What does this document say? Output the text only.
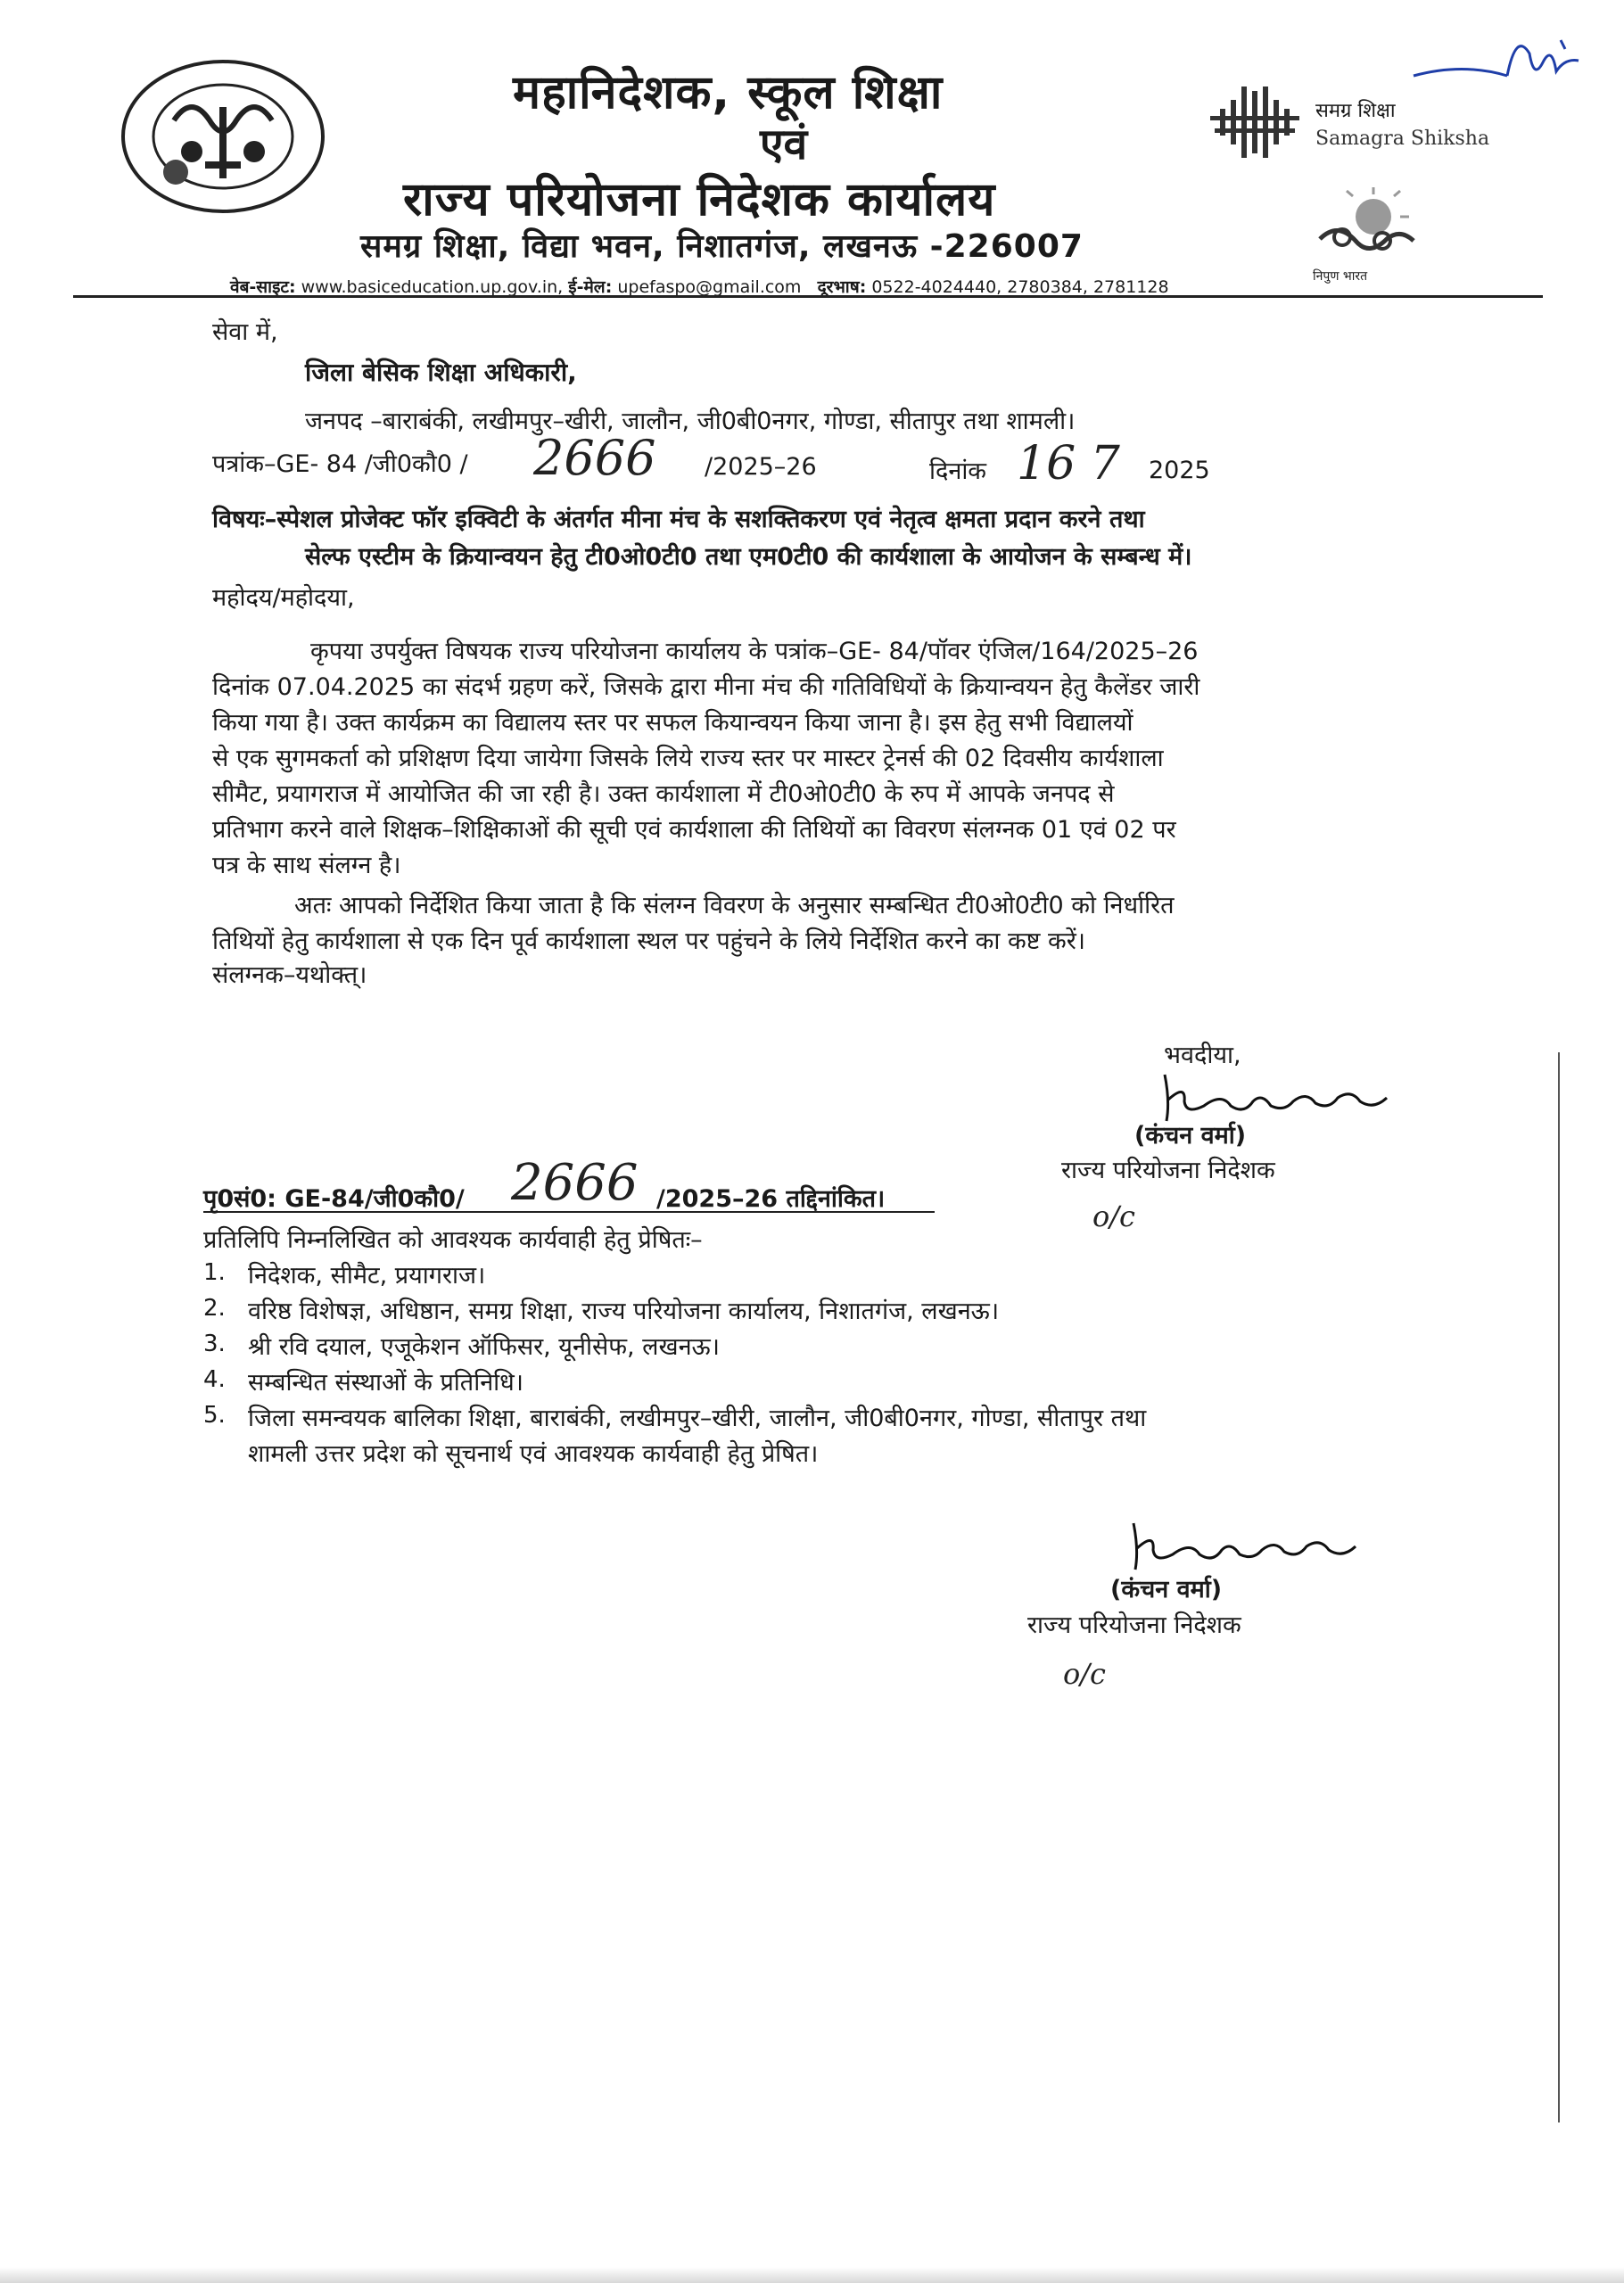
महानिदेशक, स्कूल शिक्षा
एवं
राज्य परियोजना निदेशक कार्यालय
समग्र शिक्षा, विद्या भवन, निशातगंज, लखनऊ -226007
वेब-साइट: www.basiceducation.up.gov.in, ई-मेल: upefaspo@gmail.com दूरभाष: 0522-4024440, 2780384, 2781128
समग्र शिक्षा
Samagra Shiksha
निपुण भारत
सेवा में,
जिला बेसिक शिक्षा अधिकारी,
जनपद –बाराबंकी, लखीमपुर–खीरी, जालौन, जी0बी0नगर, गोण्डा, सीतापुर तथा शामली।
पत्रांक–GE- 84 /जी0कौ0 / 2666 /2025–26	दिनांक 16 7 2025
विषयः–स्पेशल प्रोजेक्ट फॉर इक्विटी के अंतर्गत मीना मंच के सशक्तिकरण एवं नेतृत्व क्षमता प्रदान करने तथा
सेल्फ एस्टीम के क्रियान्वयन हेतु टी0ओ0टी0 तथा एम0टी0 की कार्यशाला के आयोजन के सम्बन्ध में।
महोदय/महोदया,
कृपया उपर्युक्त विषयक राज्य परियोजना कार्यालय के पत्रांक–GE- 84/पॉवर एंजिल/164/2025–26
दिनांक 07.04.2025 का संदर्भ ग्रहण करें, जिसके द्वारा मीना मंच की गतिविधियों के क्रियान्वयन हेतु कैलेंडर जारी
किया गया है। उक्त कार्यक्रम का विद्यालय स्तर पर सफल कियान्वयन किया जाना है। इस हेतु सभी विद्यालयों
से एक सुगमकर्ता को प्रशिक्षण दिया जायेगा जिसके लिये राज्य स्तर पर मास्टर ट्रेनर्स की 02 दिवसीय कार्यशाला
सीमैट, प्रयागराज में आयोजित की जा रही है। उक्त कार्यशाला में टी0ओ0टी0 के रुप में आपके जनपद से
प्रतिभाग करने वाले शिक्षक–शिक्षिकाओं की सूची एवं कार्यशाला की तिथियों का विवरण संलग्नक 01 एवं 02 पर
पत्र के साथ संलग्न है।
अतः आपको निर्देशित किया जाता है कि संलग्न विवरण के अनुसार सम्बन्धित टी0ओ0टी0 को निर्धारित
तिथियों हेतु कार्यशाला से एक दिन पूर्व कार्यशाला स्थल पर पहुंचने के लिये निर्देशित करने का कष्ट करें।
संलग्नक–यथोक्त्।
भवदीया,
(कंचन वर्मा)
राज्य परियोजना निदेशक
o/c
पृ0सं0: GE-84/जी0कौ0/ 2666 /2025–26 तद्दिनांकित।
प्रतिलिपि निम्नलिखित को आवश्यक कार्यवाही हेतु प्रेषितः–
1. निदेशक, सीमैट, प्रयागराज।
2. वरिष्ठ विशेषज्ञ, अधिष्ठान, समग्र शिक्षा, राज्य परियोजना कार्यालय, निशातगंज, लखनऊ।
3. श्री रवि दयाल, एजूकेशन ऑफिसर, यूनीसेफ, लखनऊ।
4. सम्बन्धित संस्थाओं के प्रतिनिधि।
5. जिला समन्वयक बालिका शिक्षा, बाराबंकी, लखीमपुर–खीरी, जालौन, जी0बी0नगर, गोण्डा, सीतापुर तथा
शामली उत्तर प्रदेश को सूचनार्थ एवं आवश्यक कार्यवाही हेतु प्रेषित।
(कंचन वर्मा)
राज्य परियोजना निदेशक
o/c
